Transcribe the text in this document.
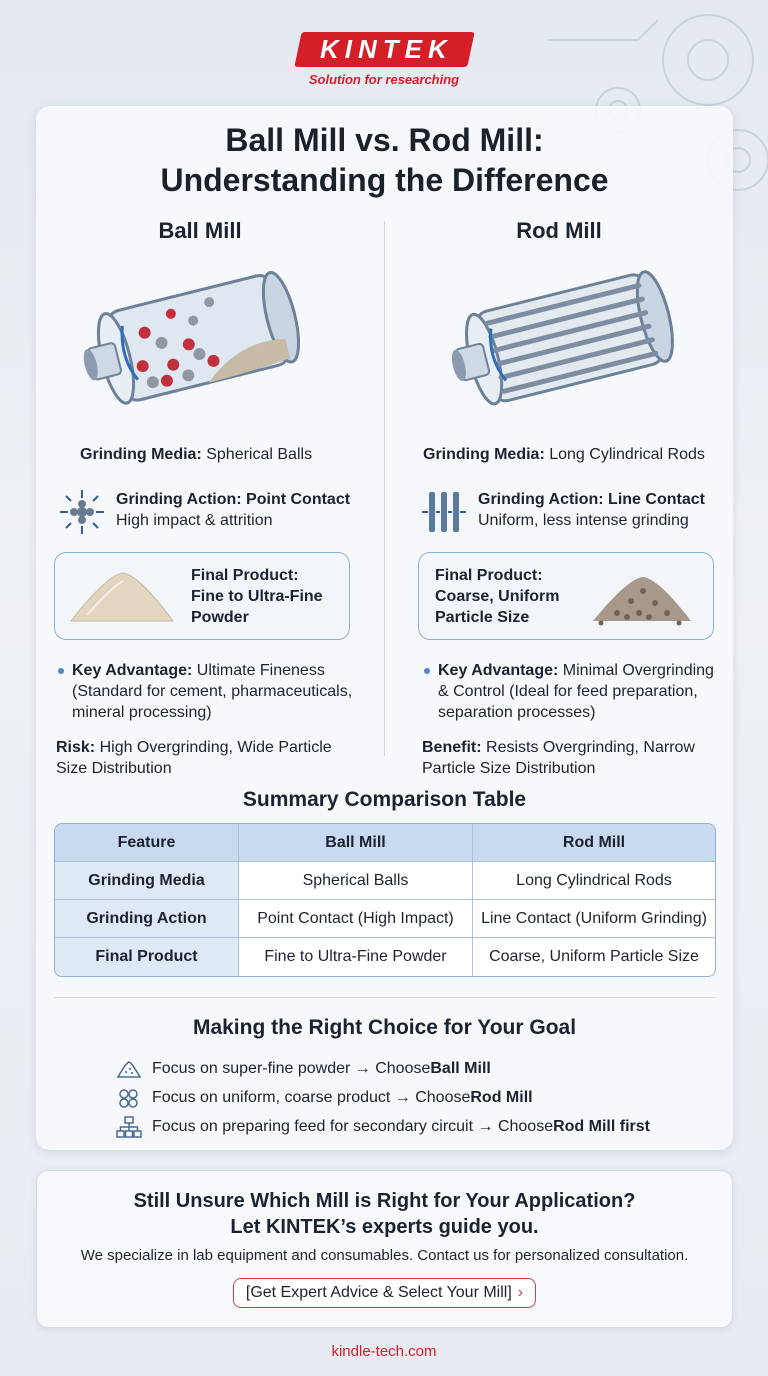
KINTEK
Solution for researching
Ball Mill vs. Rod Mill:
Understanding the Difference
Ball Mill
Grinding Media: Spherical Balls
Grinding Action: Point Contact
High impact & attrition
Final Product:
Fine to Ultra-Fine
Powder
Key Advantage: Ultimate Fineness
(Standard for cement, pharmaceuticals,
mineral processing)
Risk: High Overgrinding, Wide Particle
Size Distribution
Rod Mill
Grinding Media: Long Cylindrical Rods
Grinding Action: Line Contact
Uniform, less intense grinding
Final Product:
Coarse, Uniform
Particle Size
Key Advantage: Minimal Overgrinding
& Control (Ideal for feed preparation,
separation processes)
Benefit: Resists Overgrinding, Narrow
Particle Size Distribution
Summary Comparison Table
Feature	Ball Mill	Rod Mill
Grinding Media	Spherical Balls	Long Cylindrical Rods
Grinding Action	Point Contact (High Impact)	Line Contact (Uniform Grinding)
Final Product	Fine to Ultra-Fine Powder	Coarse, Uniform Particle Size
Making the Right Choice for Your Goal
Focus on super-fine powder → Choose Ball Mill
Focus on uniform, coarse product → Choose Rod Mill
Focus on preparing feed for secondary circuit → Choose Rod Mill first
Still Unsure Which Mill is Right for Your Application?
Let KINTEK’s experts guide you.
We specialize in lab equipment and consumables. Contact us for personalized consultation.
[Get Expert Advice & Select Your Mill] ›
kindle-tech.com
